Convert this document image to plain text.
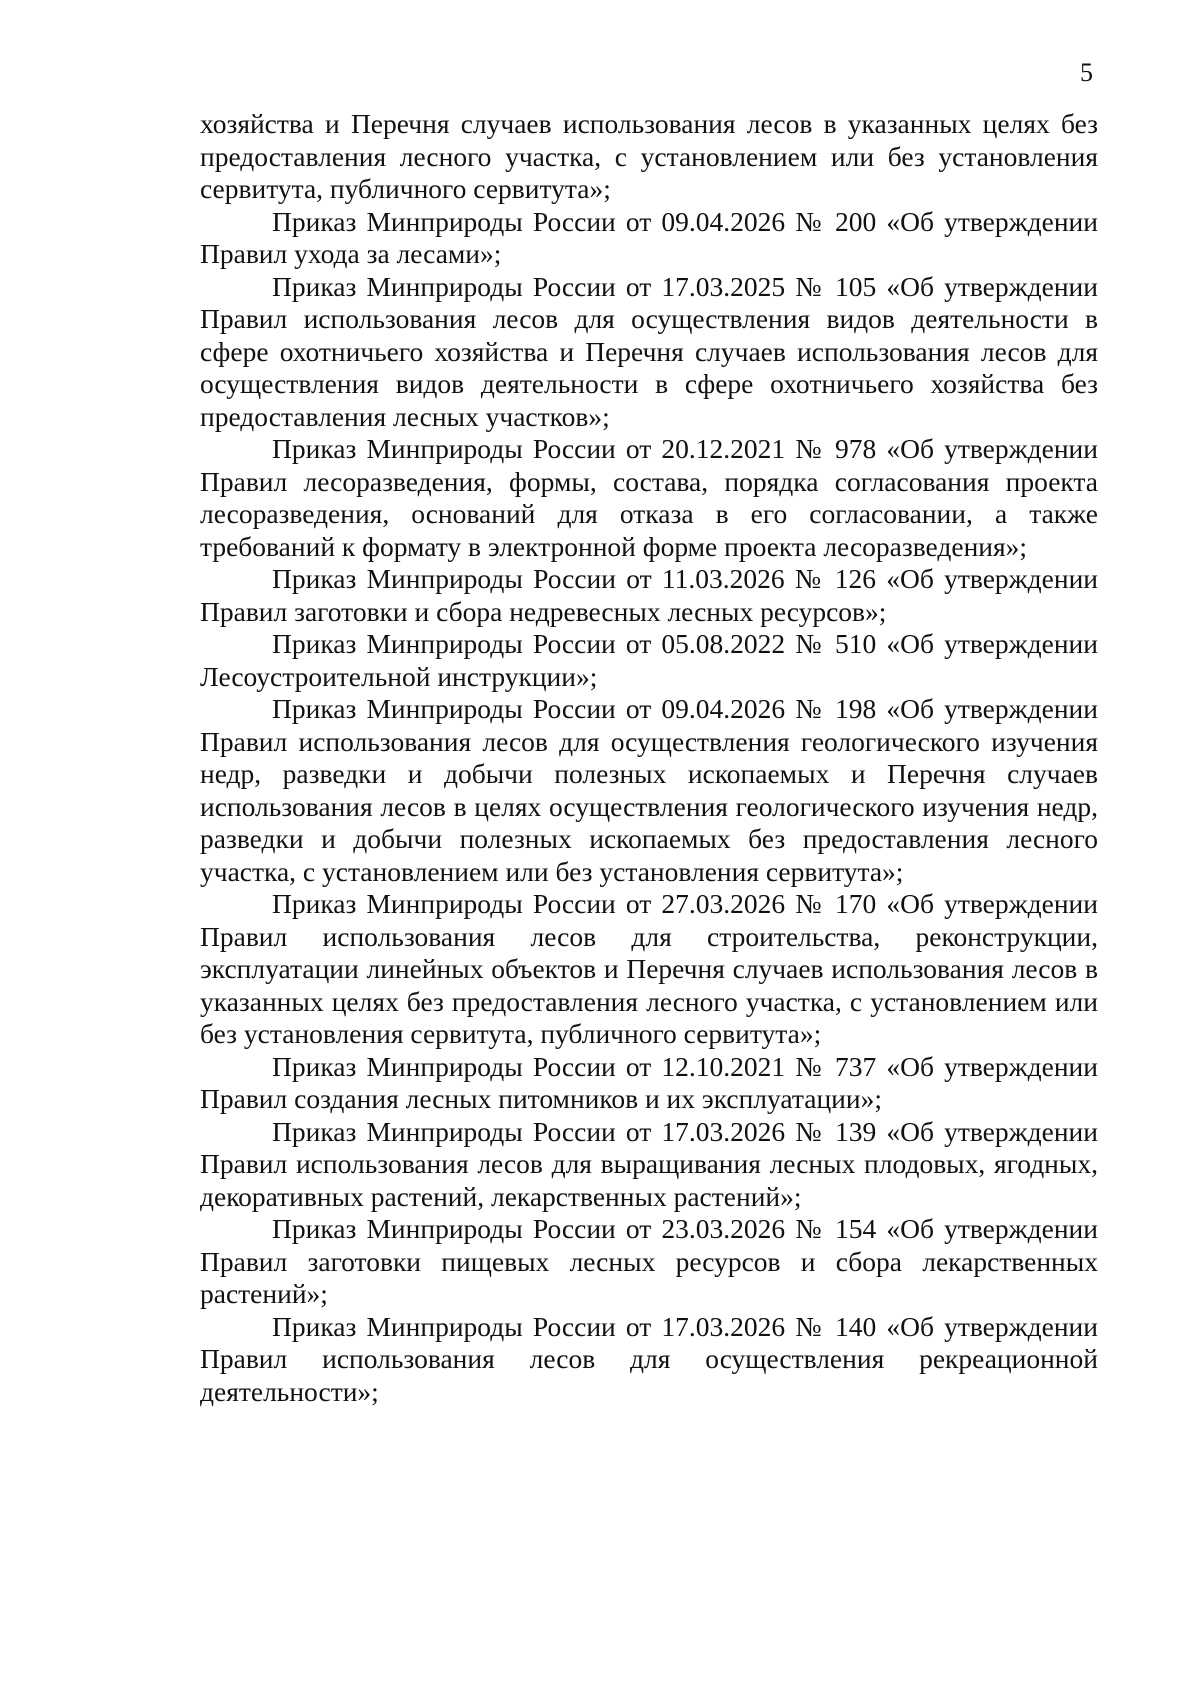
5

хозяйства и Перечня случаев использования лесов в указанных целях без предоставления лесного участка, с установлением или без установления сервитута, публичного сервитута»;

Приказ Минприроды России от 09.04.2026 № 200 «Об утверждении Правил ухода за лесами»;

Приказ Минприроды России от 17.03.2025 № 105 «Об утверждении Правил использования лесов для осуществления видов деятельности в сфере охотничьего хозяйства и Перечня случаев использования лесов для осуществления видов деятельности в сфере охотничьего хозяйства без предоставления лесных участков»;

Приказ Минприроды России от 20.12.2021 № 978 «Об утверждении Правил лесоразведения, формы, состава, порядка согласования проекта лесоразведения, оснований для отказа в его согласовании, а также требований к формату в электронной форме проекта лесоразведения»;

Приказ Минприроды России от 11.03.2026 № 126 «Об утверждении Правил заготовки и сбора недревесных лесных ресурсов»;

Приказ Минприроды России от 05.08.2022 № 510 «Об утверждении Лесоустроительной инструкции»;

Приказ Минприроды России от 09.04.2026 № 198 «Об утверждении Правил использования лесов для осуществления геологического изучения недр, разведки и добычи полезных ископаемых и Перечня случаев использования лесов в целях осуществления геологического изучения недр, разведки и добычи полезных ископаемых без предоставления лесного участка, с установлением или без установления сервитута»;

Приказ Минприроды России от 27.03.2026 № 170 «Об утверждении Правил использования лесов для строительства, реконструкции, эксплуатации линейных объектов и Перечня случаев использования лесов в указанных целях без предоставления лесного участка, с установлением или без установления сервитута, публичного сервитута»;

Приказ Минприроды России от 12.10.2021 № 737 «Об утверждении Правил создания лесных питомников и их эксплуатации»;

Приказ Минприроды России от 17.03.2026 № 139 «Об утверждении Правил использования лесов для выращивания лесных плодовых, ягодных, декоративных растений, лекарственных растений»;

Приказ Минприроды России от 23.03.2026 № 154 «Об утверждении Правил заготовки пищевых лесных ресурсов и сбора лекарственных растений»;

Приказ Минприроды России от 17.03.2026 № 140 «Об утверждении Правил использования лесов для осуществления рекреационной деятельности»;
